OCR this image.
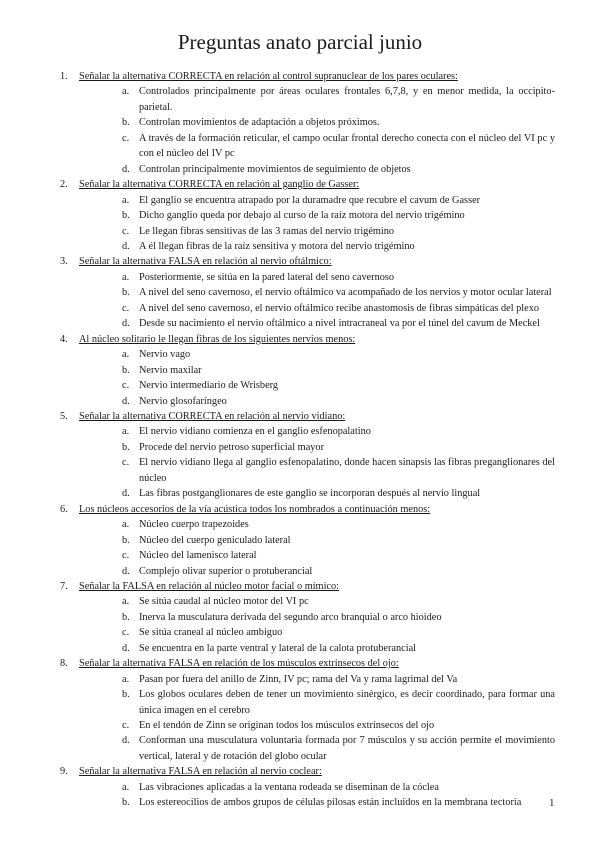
Preguntas anato parcial junio
1. Señalar la alternativa CORRECTA en relación al control supranuclear de los pares oculares:
a. Controlados principalmente por áreas oculares frontales 6,7,8, y en menor medida, la occipito-parietal.
b. Controlan movimientos de adaptación a objetos próximos.
c. A través de la formación reticular, el campo ocular frontal derecho conecta con el núcleo del VI pc y con el núcleo del IV pc
d. Controlan principalmente movimientos de seguimiento de objetos
2. Señalar la alternativa CORRECTA en relación al ganglio de Gasser:
a. El ganglio se encuentra atrapado por la duramadre que recubre el cavum de Gasser
b. Dicho ganglio queda por debajo al curso de la raíz motora del nervio trigémino
c. Le llegan fibras sensitivas de las 3 ramas del nervio trigémino
d. A él llegan fibras de la raíz sensitiva y motora del nervio trigémino
3. Señalar la alternativa FALSA en relación al nervio oftálmico:
a. Posteriormente, se sitúa en la pared lateral del seno cavernoso
b. A nivel del seno cavernoso, el nervio oftálmico va acompañado de los nervios y motor ocular lateral
c. A nivel del seno cavernoso, el nervio oftálmico recibe anastomosis de fibras simpáticas del plexo
d. Desde su nacimiento el nervio oftálmico a nivel intracraneal va por el túnel del cavum de Meckel
4. Al núcleo solitario le llegan fibras de los siguientes nervios menos:
a. Nervio vago
b. Nervio maxilar
c. Nervio intermediario de Wrisberg
d. Nervio glosofaríngeo
5. Señalar la alternativa CORRECTA en relación al nervio vidiano:
a. El nervio vidiano comienza en el ganglio esfenopalatino
b. Procede del nervio petroso superficial mayor
c. El nervio vidiano llega al ganglio esfenopalatino, donde hacen sinapsis las fibras preganglionares del núcleo
d. Las fibras postganglionares de este ganglio se incorporan después al nervio lingual
6. Los núcleos accesorios de la vía acústica todos los nombrados a continuación menos:
a. Núcleo cuerpo trapezoides
b. Núcleo del cuerpo geniculado lateral
c. Núcleo del lamenisco lateral
d. Complejo olivar superior o protuberancial
7. Señalar la FALSA en relación al núcleo motor facial o mímico:
a. Se sitúa caudal al núcleo motor del VI pc
b. Inerva la musculatura derivada del segundo arco branquial o arco hioideo
c. Se sitúa craneal al núcleo ambiguo
d. Se encuentra en la parte ventral y lateral de la calota protuberancial
8. Señalar la alternativa FALSA en relación de los músculos extrínsecos del ojo:
a. Pasan por fuera del anillo de Zinn, IV pc; rama del Va y rama lagrimal del Va
b. Los globos oculares deben de tener un movimiento sinérgico, es decir coordinado, para formar una única imagen en el cerebro
c. En el tendón de Zinn se originan todos los músculos extrínsecos del ojo
d. Conforman una musculatura voluntaria formada por 7 músculos y su acción permite el movimiento vertical, lateral y de rotación del globo ocular
9. Señalar la alternativa FALSA en relación al nervio coclear:
a. Las vibraciones aplicadas a la ventana rodeada se diseminan de la cóclea
b. Los estereocilios de ambos grupos de células pilosas están incluidos en la membrana tectoria	1
